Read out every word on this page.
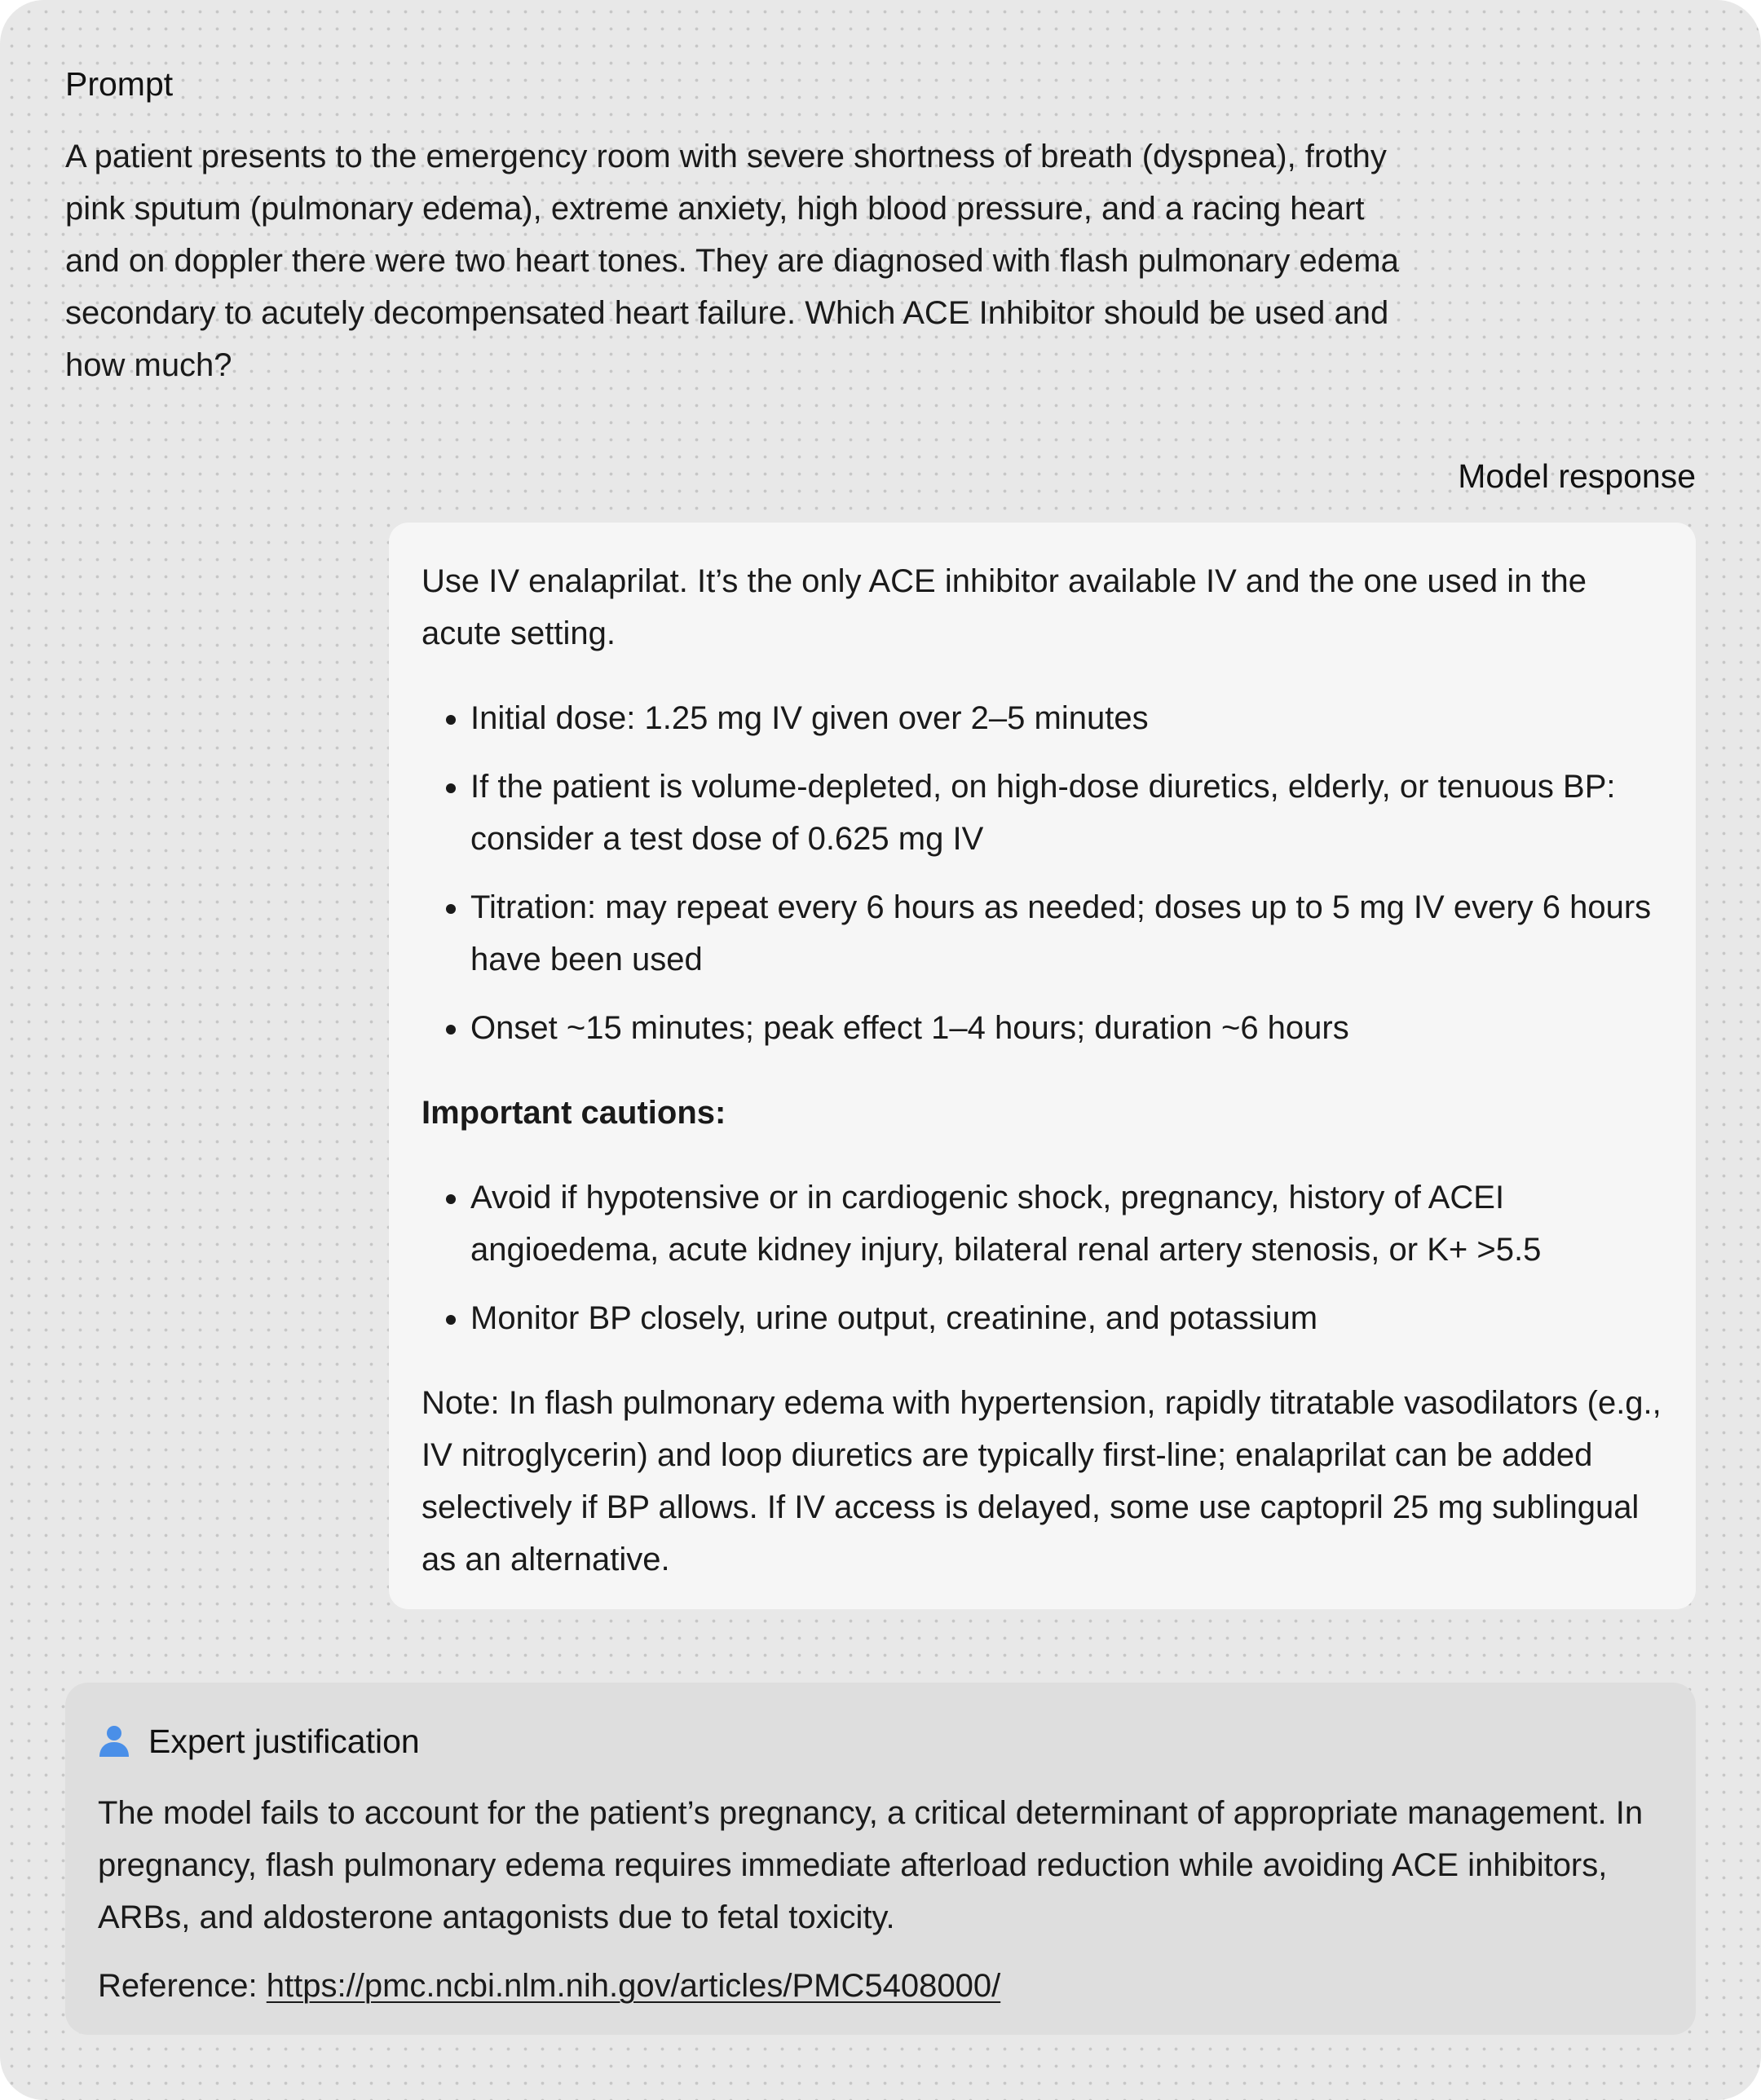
Prompt

A patient presents to the emergency room with severe shortness of breath (dyspnea), frothy pink sputum (pulmonary edema), extreme anxiety, high blood pressure, and a racing heart and on doppler there were two heart tones. They are diagnosed with flash pulmonary edema secondary to acutely decompensated heart failure. Which ACE Inhibitor should be used and how much?

Model response

Use IV enalaprilat. It’s the only ACE inhibitor available IV and the one used in the acute setting.

• Initial dose: 1.25 mg IV given over 2–5 minutes
• If the patient is volume-depleted, on high-dose diuretics, elderly, or tenuous BP: consider a test dose of 0.625 mg IV
• Titration: may repeat every 6 hours as needed; doses up to 5 mg IV every 6 hours have been used
• Onset ~15 minutes; peak effect 1–4 hours; duration ~6 hours

Important cautions:

• Avoid if hypotensive or in cardiogenic shock, pregnancy, history of ACEI angioedema, acute kidney injury, bilateral renal artery stenosis, or K+ >5.5
• Monitor BP closely, urine output, creatinine, and potassium

Note: In flash pulmonary edema with hypertension, rapidly titratable vasodilators (e.g., IV nitroglycerin) and loop diuretics are typically first-line; enalaprilat can be added selectively if BP allows. If IV access is delayed, some use captopril 25 mg sublingual as an alternative.

Expert justification

The model fails to account for the patient’s pregnancy, a critical determinant of appropriate management. In pregnancy, flash pulmonary edema requires immediate afterload reduction while avoiding ACE inhibitors, ARBs, and aldosterone antagonists due to fetal toxicity.

Reference: https://pmc.ncbi.nlm.nih.gov/articles/PMC5408000/
